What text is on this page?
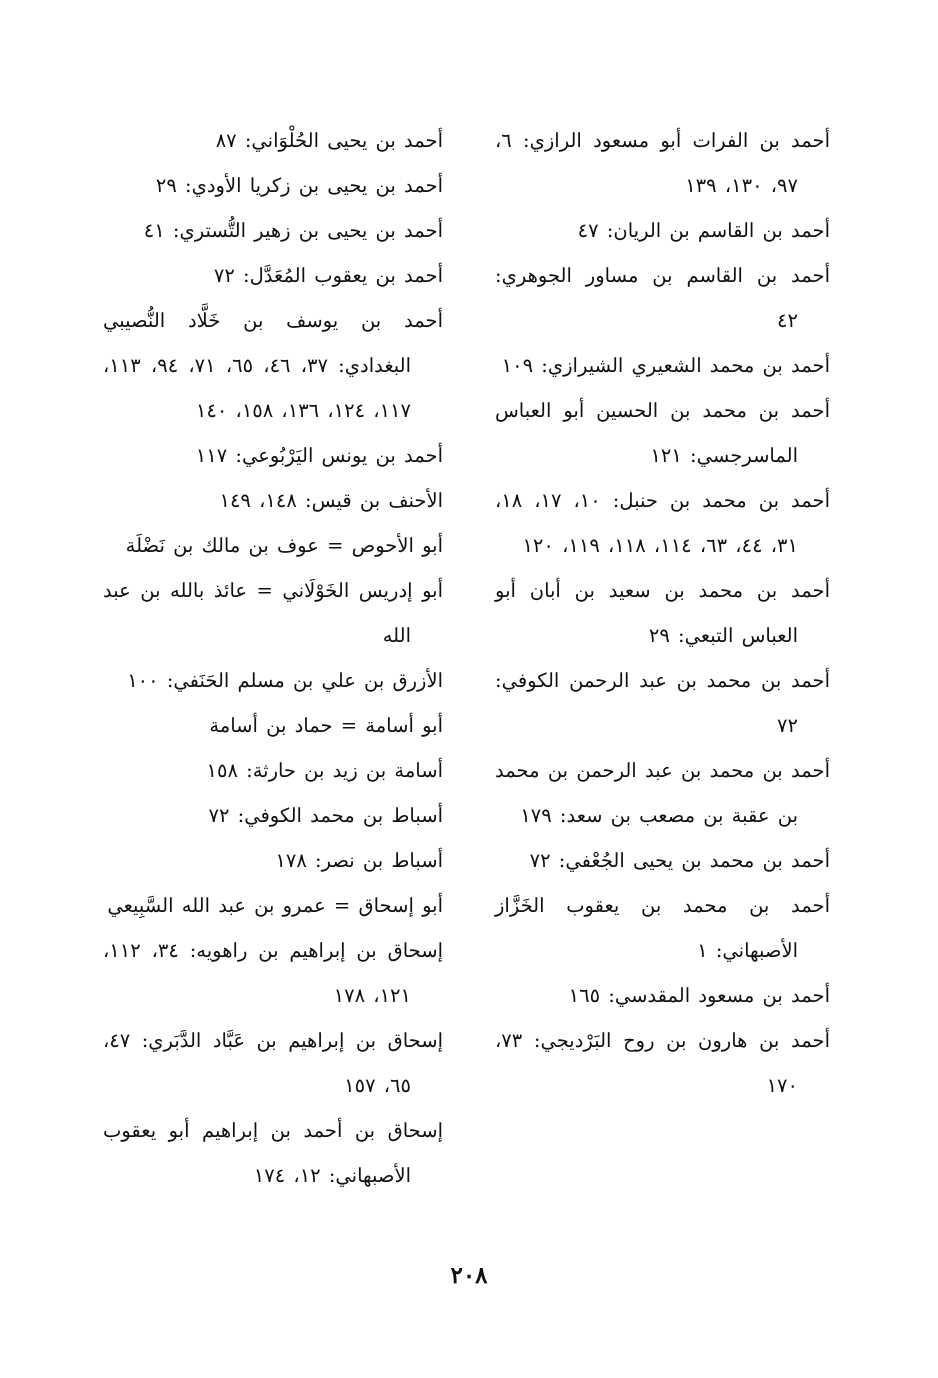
أحمد بن الفرات أبو مسعود الرازي: ٦، ٩٧، ١٣٠، ١٣٩

أحمد بن القاسم بن الريان: ٤٧

أحمد بن القاسم بن مساور الجوهري: ٤٢

أحمد بن محمد الشعيري الشيرازي: ١٠٩

أحمد بن محمد بن الحسين أبو العباس الماسرجسي: ١٢١

أحمد بن محمد بن حنبل: ١٠، ١٧، ١٨، ٣١، ٤٤، ٦٣، ١١٤، ١١٨، ١١٩، ١٢٠

أحمد بن محمد بن سعيد بن أبان أبو العباس التبعي: ٢٩

أحمد بن محمد بن عبد الرحمن الكوفي: ٧٢

أحمد بن محمد بن عبد الرحمن بن محمد بن عقبة بن مصعب بن سعد: ١٧٩

أحمد بن محمد بن يحيى الجُعْفي: ٧٢

أحمد بن محمد بن يعقوب الخَزَّاز الأصبهاني: ١

أحمد بن مسعود المقدسي: ١٦٥

أحمد بن هارون بن روح البَرْديجي: ٧٣، ١٧٠

أحمد بن يحيى الحُلْوَاني: ٨٧

أحمد بن يحيى بن زكريا الأودي: ٢٩

أحمد بن يحيى بن زهير التُّستري: ٤١

أحمد بن يعقوب المُعَدَّل: ٧٢

أحمد بن يوسف بن خَلَّاد النُّصيبي البغدادي: ٣٧، ٤٦، ٦٥، ٧١، ٩٤، ١١٣، ١١٧، ١٢٤، ١٣٦، ١٥٨، ١٤٠

أحمد بن يونس اليَرْبُوعي: ١١٧

الأحنف بن قيس: ١٤٨، ١٤٩

أبو الأحوص = عوف بن مالك بن نَضْلَة

أبو إدريس الخَوْلَاني = عائذ بالله بن عبد الله

الأزرق بن علي بن مسلم الحَنَفي: ١٠٠

أبو أسامة = حماد بن أسامة

أسامة بن زيد بن حارثة: ١٥٨

أسباط بن محمد الكوفي: ٧٢

أسباط بن نصر: ١٧٨

أبو إسحاق = عمرو بن عبد الله السَّبِيعي

إسحاق بن إبراهيم بن راهويه: ٣٤، ١١٢، ١٢١، ١٧٨

إسحاق بن إبراهيم بن عَبَّاد الدَّبَري: ٤٧، ٦٥، ١٥٧

إسحاق بن أحمد بن إبراهيم أبو يعقوب الأصبهاني: ١٢، ١٧٤

٢٠٨
